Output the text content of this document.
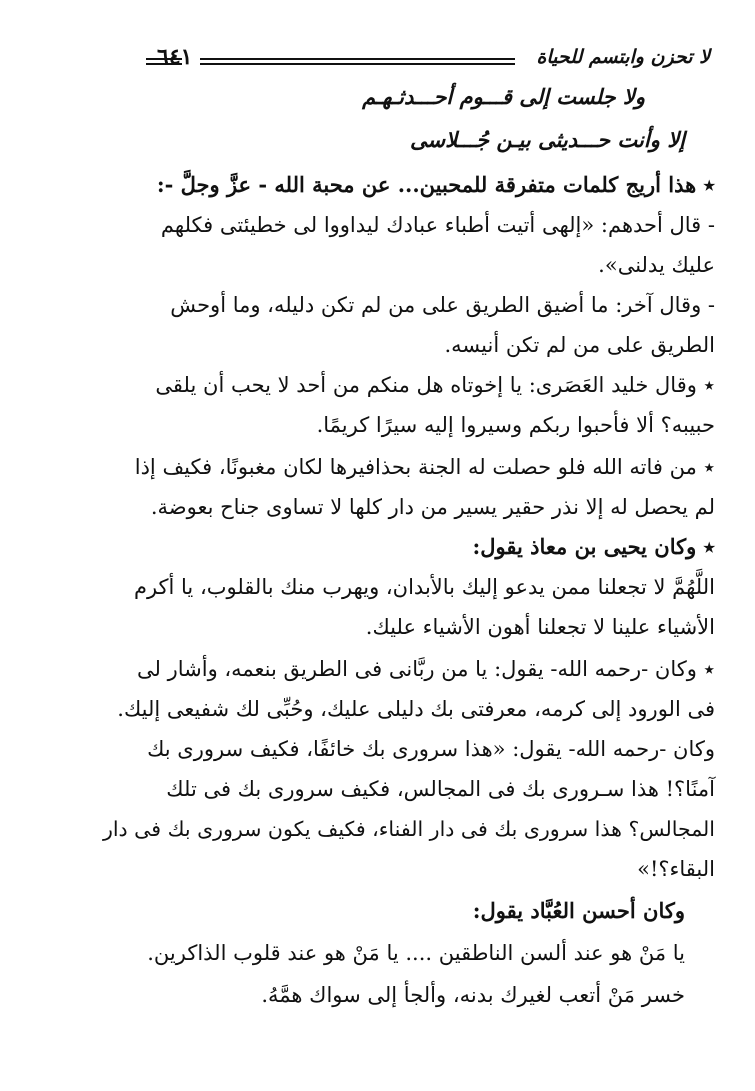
لا تحزن وابتسم للحياة
٦٤١
ولا جلست إلى قـــوم أحـــدثـهـم
إلا وأنت حـــديثى بيـن جُـــلاسى
٭ هذا أريج كلمات متفرقة للمحبين... عن محبة الله - عزَّ وجلَّ -:
- قال أحدهم: «إلهى أتيت أطباء عبادك ليداووا لى خطيئتى فكلهم
عليك يدلنى».
- وقال آخر: ما أضيق الطريق على من لم تكن دليله، وما أوحش
الطريق على من لم تكن أنيسه.
٭ وقال خليد العَصَرى: يا إخوتاه هل منكم من أحد لا يحب أن يلقى
حبيبه؟ ألا فأحبوا ربكم وسيروا إليه سيرًا كريمًا.
٭ من فاته الله فلو حصلت له الجنة بحذافيرها لكان مغبونًا، فكيف إذا
لم يحصل له إلا نذر حقير يسير من دار كلها لا تساوى جناح بعوضة.
٭ وكان يحيى بن معاذ يقول:
اللَّهُمَّ لا تجعلنا ممن يدعو إليك بالأبدان، ويهرب منك بالقلوب، يا أكرم
الأشياء علينا لا تجعلنا أهون الأشياء عليك.
٭ وكان -رحمه الله- يقول: يا من ربَّانى فى الطريق بنعمه، وأشار لى
فى الورود إلى كرمه، معرفتى بك دليلى عليك، وحُبِّى لك شفيعى إليك.
وكان -رحمه الله- يقول: «هذا سرورى بك خائفًا، فكيف سرورى بك
آمنًا؟! هذا سـرورى بك فى المجالس، فكيف سرورى بك فى تلك
المجالس؟ هذا سرورى بك فى دار الفناء، فكيف يكون سرورى بك فى دار
البقاء؟!»
وكان أحسن العُبَّاد يقول:
يا مَنْ هو عند ألسن الناطقين .... يا مَنْ هو عند قلوب الذاكرين.
خسر مَنْ أتعب لغيرك بدنه، وألجأ إلى سواك همَّهُ.
